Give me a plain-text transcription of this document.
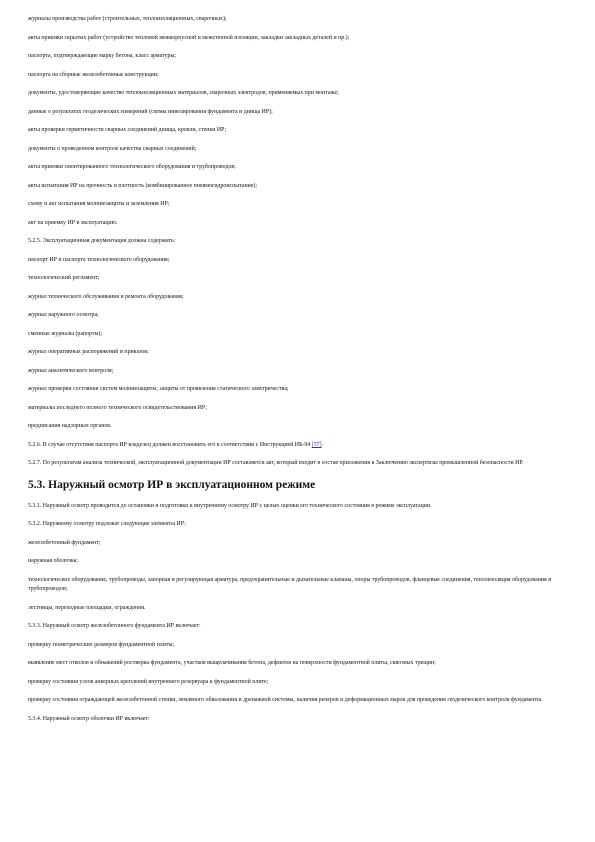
журналы производства работ (строительных, теплоизоляционных, сварочных);

акты приемки скрытых работ (устройство тепловой межкорпусной и межстенной изоляции, закладки закладных деталей и пр.);

паспорта, подтверждающие марку бетона, класс арматуры;

паспорта на сборные железобетонные конструкции;

документы, удостоверяющие качество теплоизоляционных материалов, сварочных электродов, применяемых при монтаже;

данные о результатах геодезических измерений (схемы нивелирования фундамента и днища ИР);

акты проверки герметичности сварных соединений днища, кровли, стенки ИР;

документы о проведенном контроле качества сварных соединений;

акты приемки смонтированного технологического оборудования и трубопроводов;

акты испытания ИР на прочность и плотность (комбинированное пневмогидроиспытание);

схему и акт испытания молниезащиты и заземления ИР;

акт на приемку ИР в эксплуатацию.

5.2.5. Эксплуатационная документация должна содержать:

паспорт ИР и паспорта технологического оборудования;

технологический регламент;

журнал технического обслуживания и ремонта оборудования;

журнал наружного осмотра;

сменные журналы (рапорты);

журнал оперативных распоряжений и приказов;

журнал аналитического контроля;

журнал проверки состояния систем молниезащиты, защиты от проявления статического электричества;

материалы последнего полного технического освидетельствования ИР;

предписания надзорных органов.

5.2.6. В случае отсутствия паспорта ИР владелец должен восстановить его в соответствии с Инструкцией ИБ-94 [57].

5.2.7. По результатам анализа технической, эксплуатационной документации ИР составляется акт, который входит в состав приложения к Заключению экспертизы промышленной безопасности ИР.

5.3. Наружный осмотр ИР в эксплуатационном режиме

5.3.1. Наружный осмотр проводится до остановки и подготовки к внутреннему осмотру ИР с целью оценки его технического состояния в режиме эксплуатации.

5.3.2. Наружному осмотру подлежат следующие элементы ИР:

железобетонный фундамент;

наружная оболочка;

технологическое оборудование, трубопроводы, запорная и регулирующая арматура, предохранительные и дыхательные клапаны, опоры трубопроводов, фланцевые соединения, теплоизоляция оборудования и трубопроводов;

лестницы, переходные площадки, ограждения.

5.3.3. Наружный осмотр железобетонного фундамента ИР включает:

проверку геометрических размеров фундаментной плиты;

выявление мест отколов и обнажений ростверка фундамента, участков выщелачивания бетона, дефектов на поверхности фундаментной плиты, сквозных трещин;

проверку состояния узлов анкерных креплений внутреннего резервуара к фундаментной плите;

проверку состояния ограждающей железобетонной стенки, земляного обвалования и дренажной системы, наличия реперов и деформационных марок для проведения геодезического контроля фундамента.

5.3.4. Наружный осмотр оболочки ИР включает:
